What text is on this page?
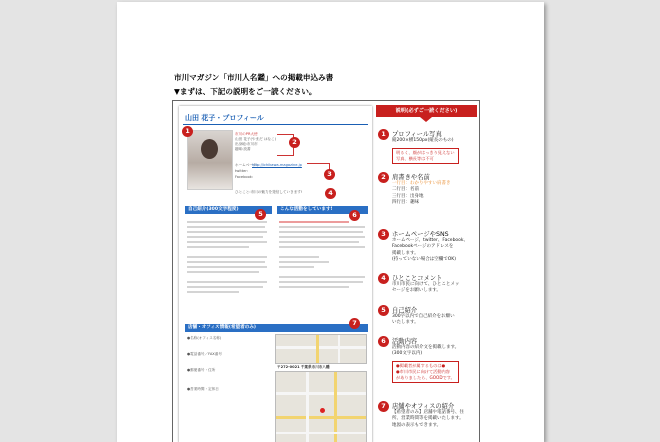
市川マガジン「市川人名鑑」への掲載申込み書
▼まずは、下記の説明をご一読ください。
山田 花子・プロフィール
1	市川のPR大使
山田 花子(やまだ はなこ)
出身地:市川市
趣味:読書
2
ホームページ:
http://ichikawa-magazine.jp
twitter:
Facebook:	3
ひとこと:市川の魅力を発信していきます!	4
自己紹介(300文字程度)
5
こんな活動をしています!
6
店舗・オフィス情報(希望者のみ)
7
●名称(オフィス名称)
●電話番号／FAX番号
●郵便番号・住所
●営業時間・定休日
〒272-0021 千葉県市川市八幡
説明(必ずご一読ください)
1 プロフィール写真
縦200×横150px(縦長のもの)
明るく、顔がはっきり見えない
写真、横長等は不可
2 肩書きや名前
一行目：わかりやすい肩書き
二行目：名前
三行目：出身地
四行目：趣味
3 ホームページやSNS
ホームページ、twitter、Facebook、
Facebookページのアドレスを
掲載します。
(持っていない場合は空欄でOK)
4 ひとことコメント
市川市民に向けて、ひとことメッ
セージをお願いします。
5 自己紹介
300字以内で自己紹介をお願い
いたします。
6 活動内容
活動内容の紹介文を掲載します。
(300文字以内)
●掲載者が属するものは●
●市川市民に向けて活動内容
がありましたら、GOODです。
7 店舗やオフィスの紹介
【希望者のみ】店舗や電話番号、住
所、営業時間等を掲載いたします。
地図の表示もできます。
